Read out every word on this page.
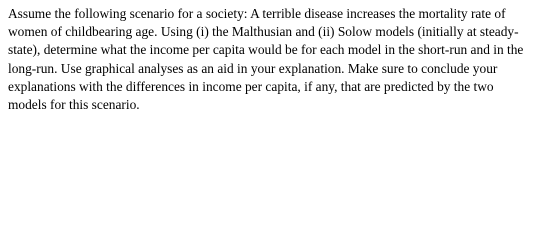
Assume the following scenario for a society: A terrible disease increases the mortality rate of
women of childbearing age. Using (i) the Malthusian and (ii) Solow models (initially at steady-
state), determine what the income per capita would be for each model in the short-run and in the
long-run. Use graphical analyses as an aid in your explanation. Make sure to conclude your
explanations with the differences in income per capita, if any, that are predicted by the two
models for this scenario.
